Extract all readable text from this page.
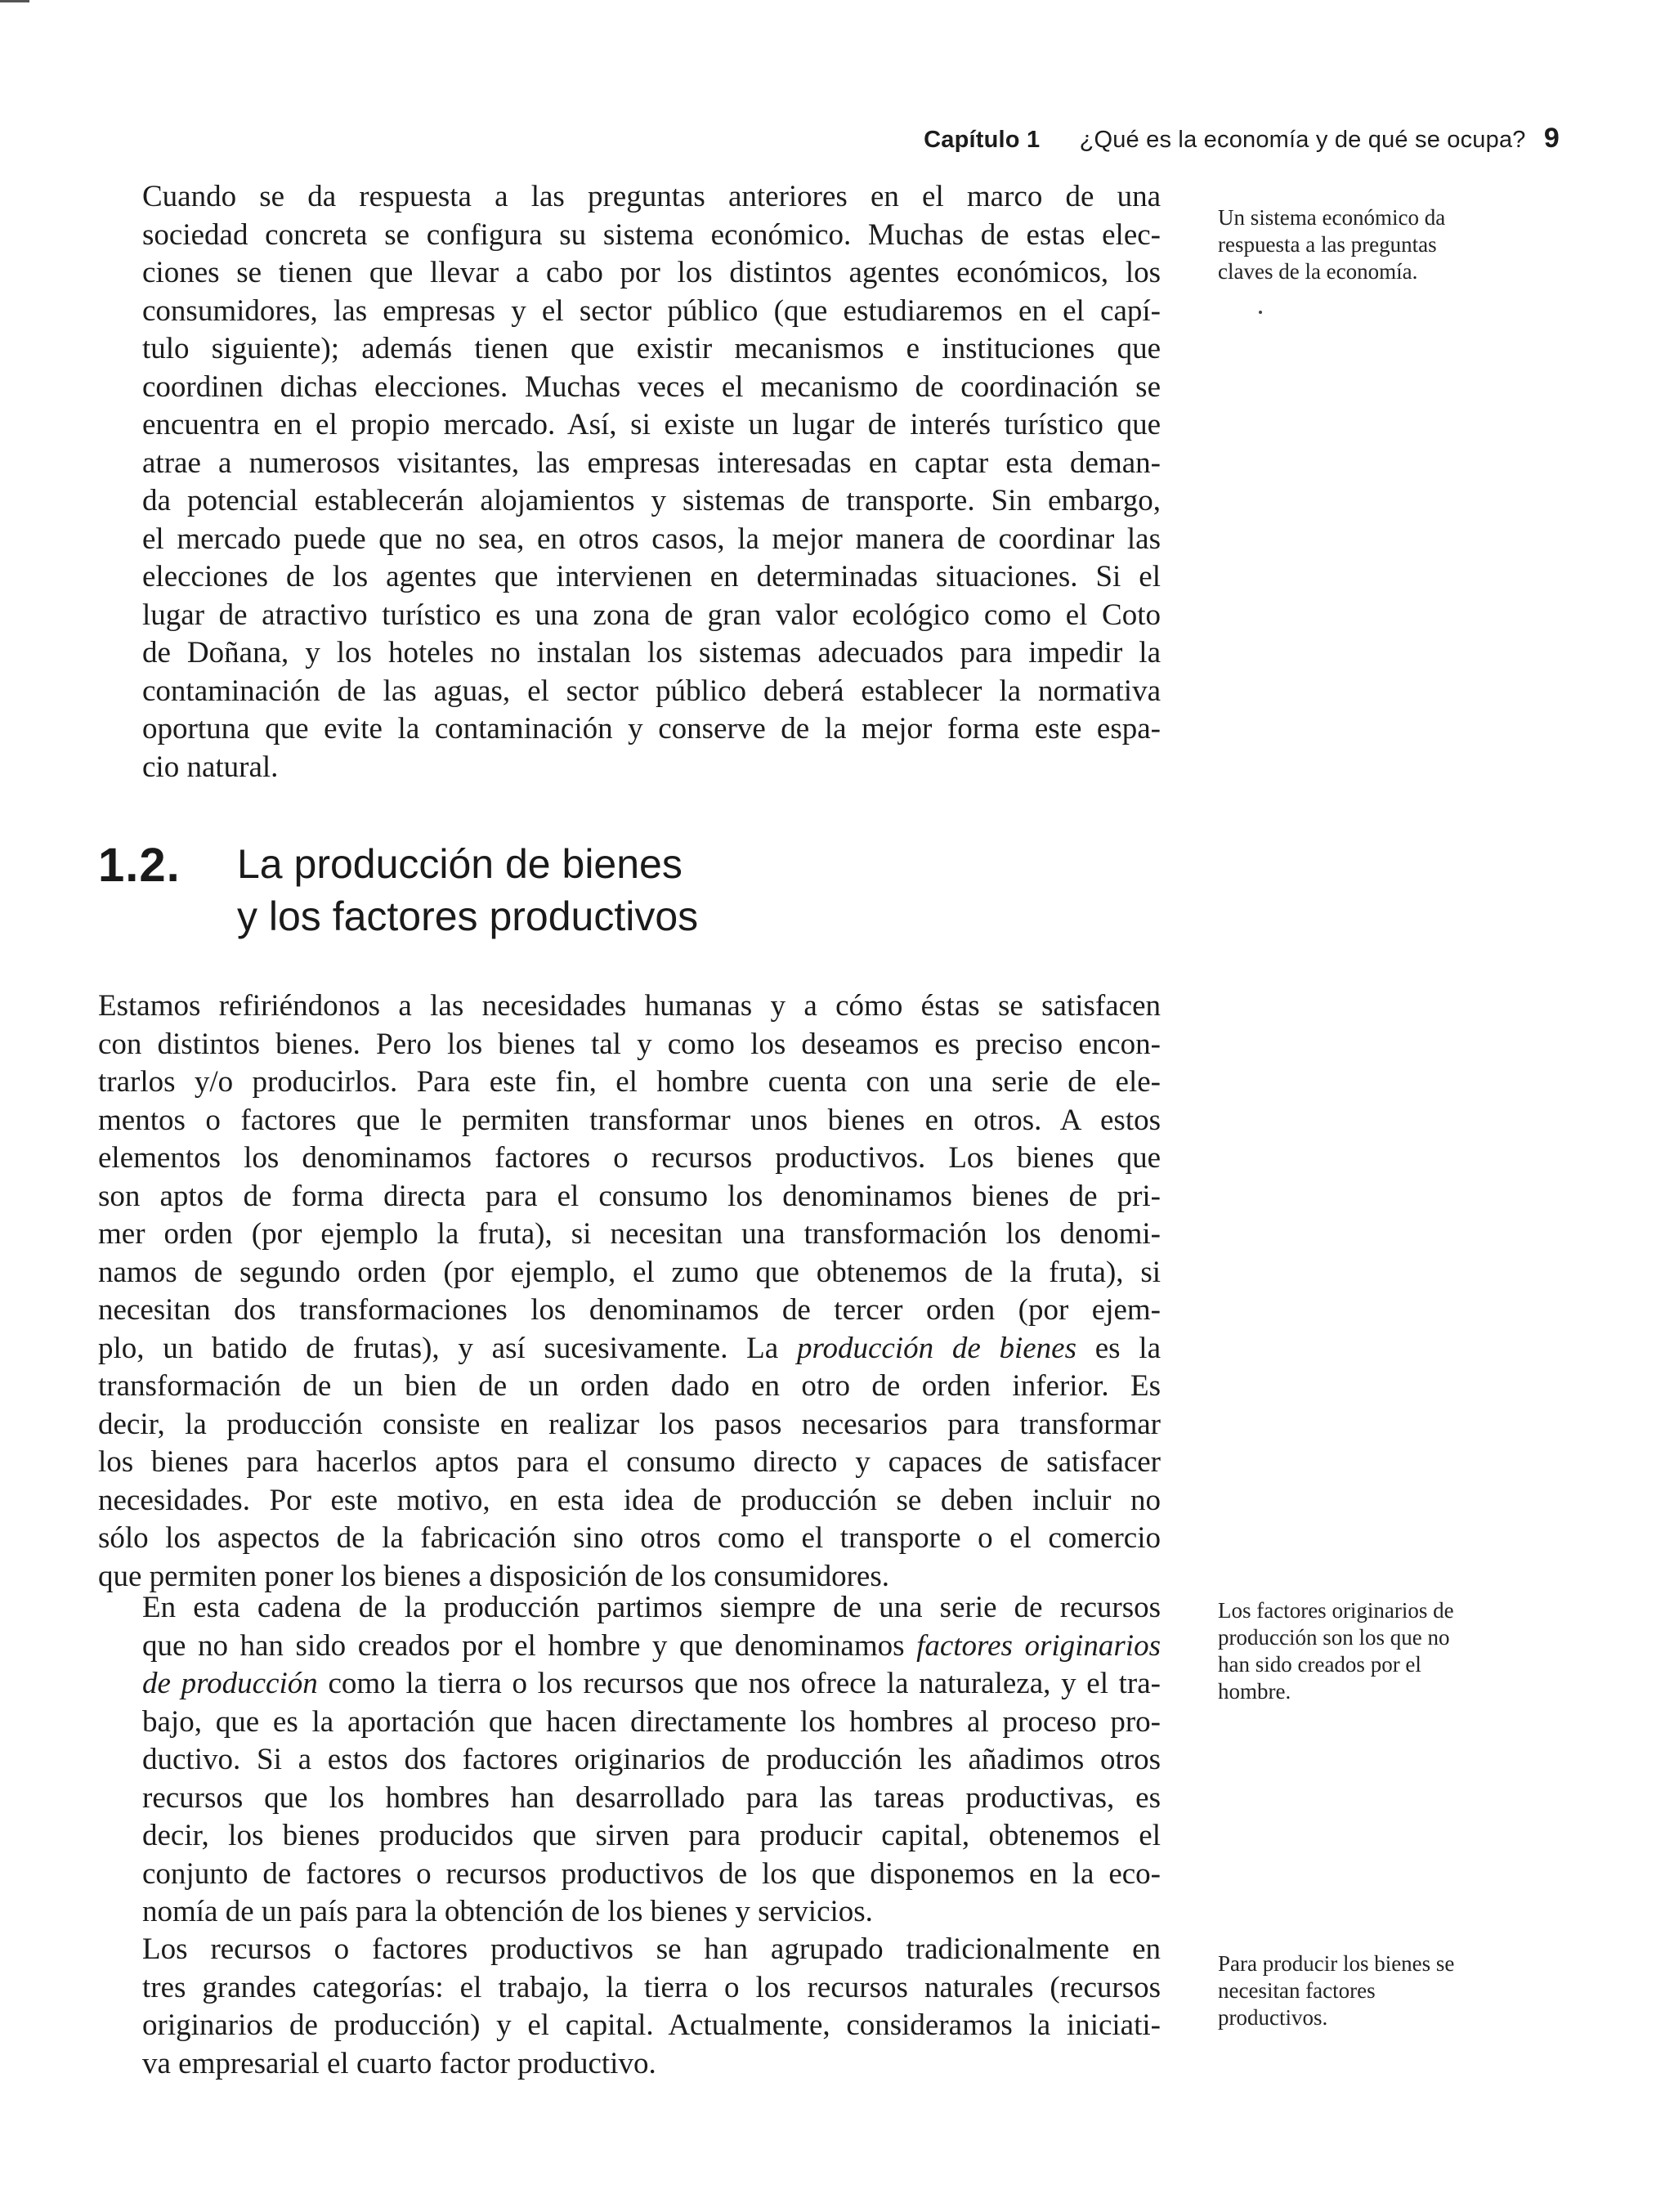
Capítulo 1 ¿Qué es la economía y de qué se ocupa? 9
Cuando se da respuesta a las preguntas anteriores en el marco de una
sociedad concreta se configura su sistema económico. Muchas de estas elec-
ciones se tienen que llevar a cabo por los distintos agentes económicos, los
consumidores, las empresas y el sector público (que estudiaremos en el capí-
tulo siguiente); además tienen que existir mecanismos e instituciones que
coordinen dichas elecciones. Muchas veces el mecanismo de coordinación se
encuentra en el propio mercado. Así, si existe un lugar de interés turístico que
atrae a numerosos visitantes, las empresas interesadas en captar esta deman-
da potencial establecerán alojamientos y sistemas de transporte. Sin embargo,
el mercado puede que no sea, en otros casos, la mejor manera de coordinar las
elecciones de los agentes que intervienen en determinadas situaciones. Si el
lugar de atractivo turístico es una zona de gran valor ecológico como el Coto
de Doñana, y los hoteles no instalan los sistemas adecuados para impedir la
contaminación de las aguas, el sector público deberá establecer la normativa
oportuna que evite la contaminación y conserve de la mejor forma este espa-
cio natural.
1.2. La producción de bienes
y los factores productivos
Estamos refiriéndonos a las necesidades humanas y a cómo éstas se satisfacen
con distintos bienes. Pero los bienes tal y como los deseamos es preciso encon-
trarlos y/o producirlos. Para este fin, el hombre cuenta con una serie de ele-
mentos o factores que le permiten transformar unos bienes en otros. A estos
elementos los denominamos factores o recursos productivos. Los bienes que
son aptos de forma directa para el consumo los denominamos bienes de pri-
mer orden (por ejemplo la fruta), si necesitan una transformación los denomi-
namos de segundo orden (por ejemplo, el zumo que obtenemos de la fruta), si
necesitan dos transformaciones los denominamos de tercer orden (por ejem-
plo, un batido de frutas), y así sucesivamente. La producción de bienes es la
transformación de un bien de un orden dado en otro de orden inferior. Es
decir, la producción consiste en realizar los pasos necesarios para transformar
los bienes para hacerlos aptos para el consumo directo y capaces de satisfacer
necesidades. Por este motivo, en esta idea de producción se deben incluir no
sólo los aspectos de la fabricación sino otros como el transporte o el comercio
que permiten poner los bienes a disposición de los consumidores.
En esta cadena de la producción partimos siempre de una serie de recursos
que no han sido creados por el hombre y que denominamos factores originarios
de producción como la tierra o los recursos que nos ofrece la naturaleza, y el tra-
bajo, que es la aportación que hacen directamente los hombres al proceso pro-
ductivo. Si a estos dos factores originarios de producción les añadimos otros
recursos que los hombres han desarrollado para las tareas productivas, es
decir, los bienes producidos que sirven para producir capital, obtenemos el
conjunto de factores o recursos productivos de los que disponemos en la eco-
nomía de un país para la obtención de los bienes y servicios.
Los recursos o factores productivos se han agrupado tradicionalmente en
tres grandes categorías: el trabajo, la tierra o los recursos naturales (recursos
originarios de producción) y el capital. Actualmente, consideramos la iniciati-
va empresarial el cuarto factor productivo.
Un sistema económico da
respuesta a las preguntas
claves de la economía.
Los factores originarios de
producción son los que no
han sido creados por el
hombre.
Para producir los bienes se
necesitan factores
productivos.
